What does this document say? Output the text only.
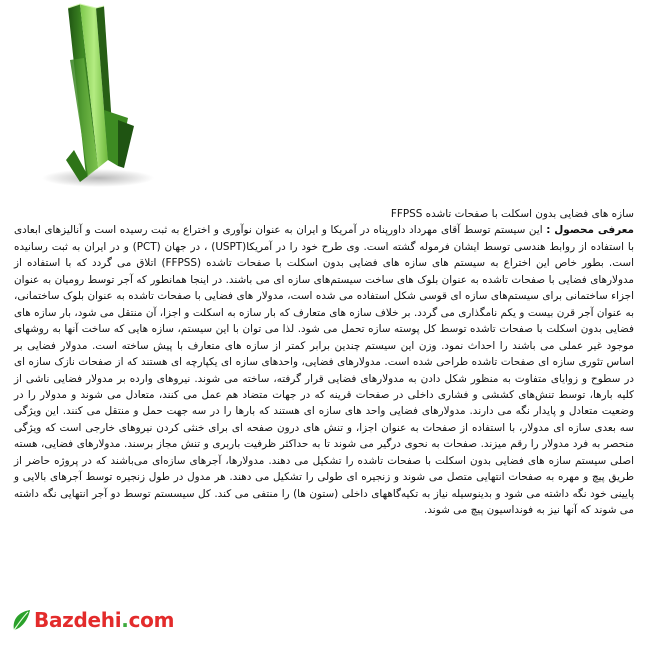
سازه های فضایی بدون اسکلت با صفحات تاشده FFPSS

معرفی محصول : این سیستم توسط آقای مهرداد داورپناه در آمریکا و ایران به عنوان نوآوری و اختراع به ثبت رسیده است و آنالیزهای ابعادی با استفاده از روابط هندسی توسط ایشان فرموله گشته است. وی طرح خود را در آمریکا(USPT) ، در جهان (PCT) و در ایران به ثبت رسانیده است. بطور خاص این اختراع به سیستم های سازه های فضایی بدون اسکلت با صفحات تاشده (FFPSS) اتلاق می گردد که با استفاده از مدولارهای فضایی با صفحات تاشده به عنوان بلوک های ساخت سیستم‌های سازه ای می باشند. در اینجا همانطور که آجر توسط رومیان به عنوان اجزاء ساختمانی برای سیستم‌های سازه ای قوسی شکل استفاده می شده است، مدولار های فضایی با صفحات تاشده به عنوان بلوک ساختمانی، به عنوان آجر قرن بیست و یکم نامگذاری می گردد. بر خلاف سازه های متعارف که بار سازه به اسکلت و اجزا، آن منتقل می شود، بار سازه های فضایی بدون اسکلت با صفحات تاشده توسط کل پوسته سازه تحمل می شود. لذا می توان با این سیستم، سازه هایی که ساخت آنها به روشهای موجود غیر عملی می باشند را احداث نمود. وزن این سیستم چندین برابر کمتر از سازه های متعارف با پیش ساخته است. مدولار فضایی بر اساس تئوری سازه ای صفحات تاشده طراحی شده است. مدولارهای فضایی، واحدهای سازه ای یکپارچه ای هستند که از صفحات نازک سازه ای در سطوح و زوایای متفاوت به منظور شکل دادن به مدولارهای فضایی قرار گرفته، ساخته می شوند. نیروهای وارده بر مدولار فضایی ناشی از کلیه بارها، توسط تنش‌های کششی و فشاری داخلی در صفحات قرینه که در جهات متضاد هم عمل می کنند، متعادل می شوند و مدولار را در وضعیت متعادل و پایدار نگه می دارند. مدولارهای فضایی واحد های سازه ای هستند که بارها را در سه جهت حمل و منتقل می کنند. این ویژگی سه بعدی سازه ای مدولار، با استفاده از صفحات به عنوان اجزا، و تنش های درون صفحه ای برای خنثی کردن نیروهای خارجی است که ویژگی منحصر به فرد مدولار را رقم میزند. صفحات به نحوی درگیر می شوند تا به حداکثر ظرفیت باربری و تنش مجاز برسند. مدولارهای فضایی، هسته اصلی سیستم سازه های فضایی بدون اسکلت با صفحات تاشده را تشکیل می دهند. مدولارها، آجرهای سازه‌ای می‌باشند که در پروژه حاضر از طریق پیچ و مهره به صفحات انتهایی متصل می شوند و زنجیره ای طولی را تشکیل می دهند. هر مدول در طول زنجیره توسط آجرهای بالایی و پایینی خود نگه داشته می شود و بدینوسیله نیاز به تکیه‌گاههای داخلی (ستون ها) را منتفی می کند. کل سیسستم توسط دو آجر انتهایی نگه داشته می شوند که آنها نیز به فونداسیون پیچ می شوند.

Bazdehi.com
